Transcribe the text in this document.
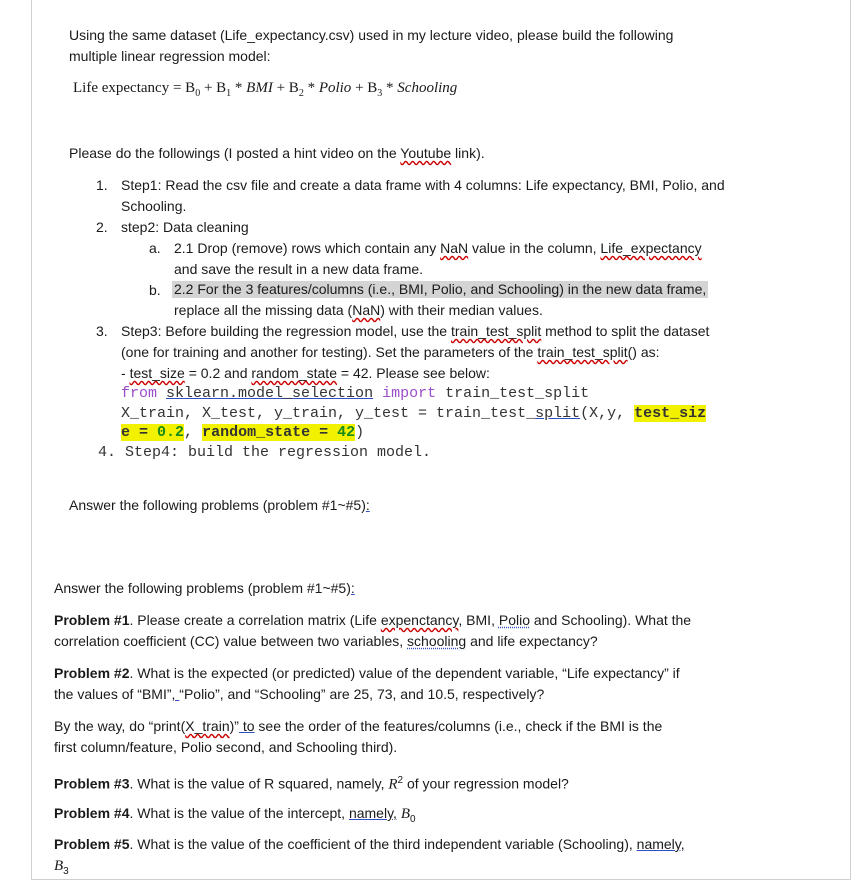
Using the same dataset (Life_expectancy.csv) used in my lecture video, please build the following
multiple linear regression model:
Life expectancy = $B_0 + B_1$ * BMI + $B_2$ * Polio + $B_3$ * Schooling
Please do the followings (I posted a hint video on the Youtube link).
1. Step1: Read the csv file and create a data frame with 4 columns: Life expectancy, BMI, Polio, and
Schooling.
2. step2: Data cleaning
a. 2.1 Drop (remove) rows which contain any NaN value in the column, Life_expectancy
and save the result in a new data frame.
b. 2.2 For the 3 features/columns (i.e., BMI, Polio, and Schooling) in the new data frame,
replace all the missing data (NaN) with their median values.
3. Step3: Before building the regression model, use the train_test_split method to split the dataset
(one for training and another for testing). Set the parameters of the train_test_split() as:
- test_size = 0.2 and random_state = 42. Please see below:
from sklearn.model_selection import train_test_split
X_train, X_test, y_train, y_test = train_test_split(X,y, test_siz
e = 0.2, random_state = 42)
4. Step4: build the regression model.
Answer the following problems (problem #1~#5):
Answer the following problems (problem #1~#5):
Problem #1. Please create a correlation matrix (Life expenctancy, BMI, Polio and Schooling). What the
correlation coefficient (CC) value between two variables, schooling and life expectancy?
Problem #2. What is the expected (or predicted) value of the dependent variable, “Life expectancy” if
the values of “BMI”, “Polio”, and “Schooling” are 25, 73, and 10.5, respectively?
By the way, do “print(X_train)” to see the order of the features/columns (i.e., check if the BMI is the
first column/feature, Polio second, and Schooling third).
Problem #3. What is the value of R squared, namely, $R^2$ of your regression model?
Problem #4. What is the value of the intercept, namely, $B_0$
Problem #5. What is the value of the coefficient of the third independent variable (Schooling), namely,
$B_3$
